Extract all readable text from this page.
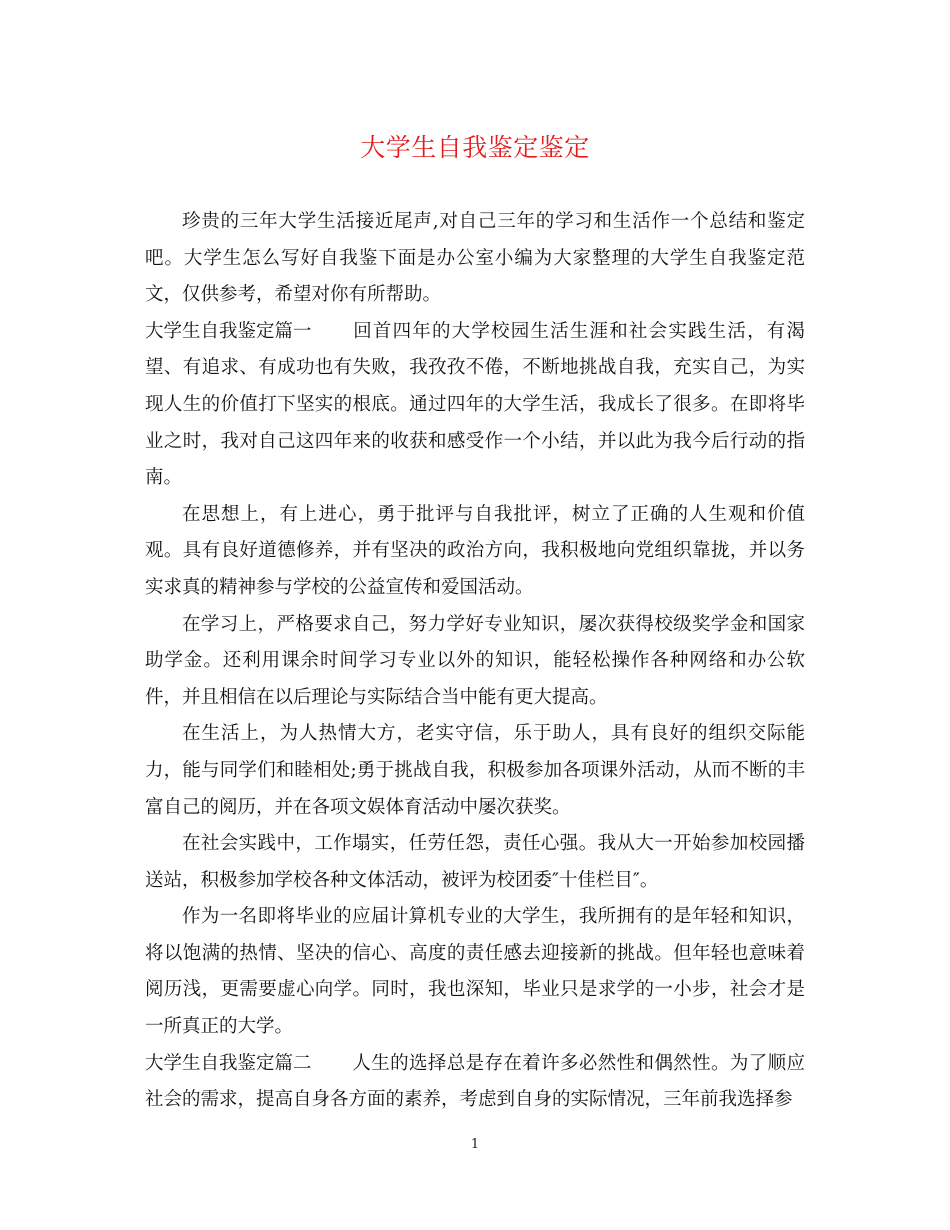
大学生自我鉴定鉴定

珍贵的三年大学生活接近尾声,对自己三年的学习和生活作一个总结和鉴定吧。大学生怎么写好自我鉴下面是办公室小编为大家整理的大学生自我鉴定范文，仅供参考，希望对你有所帮助。

大学生自我鉴定篇一 回首四年的大学校园生活生涯和社会实践生活，有渴望、有追求、有成功也有失败，我孜孜不倦，不断地挑战自我，充实自己，为实现人生的价值打下坚实的根底。通过四年的大学生活，我成长了很多。在即将毕业之时，我对自己这四年来的收获和感受作一个小结，并以此为我今后行动的指南。

在思想上，有上进心，勇于批评与自我批评，树立了正确的人生观和价值观。具有良好道德修养，并有坚决的政治方向，我积极地向党组织靠拢，并以务实求真的精神参与学校的公益宣传和爱国活动。

在学习上，严格要求自己，努力学好专业知识，屡次获得校级奖学金和国家助学金。还利用课余时间学习专业以外的知识，能轻松操作各种网络和办公软件，并且相信在以后理论与实际结合当中能有更大提高。

在生活上，为人热情大方，老实守信，乐于助人，具有良好的组织交际能力，能与同学们和睦相处;勇于挑战自我，积极参加各项课外活动，从而不断的丰富自己的阅历，并在各项文娱体育活动中屡次获奖。

在社会实践中，工作塌实，任劳任怨，责任心强。我从大一开始参加校园播送站，积极参加学校各种文体活动，被评为校团委″十佳栏目″。

作为一名即将毕业的应届计算机专业的大学生，我所拥有的是年轻和知识，将以饱满的热情、坚决的信心、高度的责任感去迎接新的挑战。但年轻也意味着阅历浅，更需要虚心向学。同时，我也深知，毕业只是求学的一小步，社会才是一所真正的大学。

大学生自我鉴定篇二 人生的选择总是存在着许多必然性和偶然性。为了顺应社会的需求，提高自身各方面的素养，考虑到自身的实际情况，三年前我选择参

1
